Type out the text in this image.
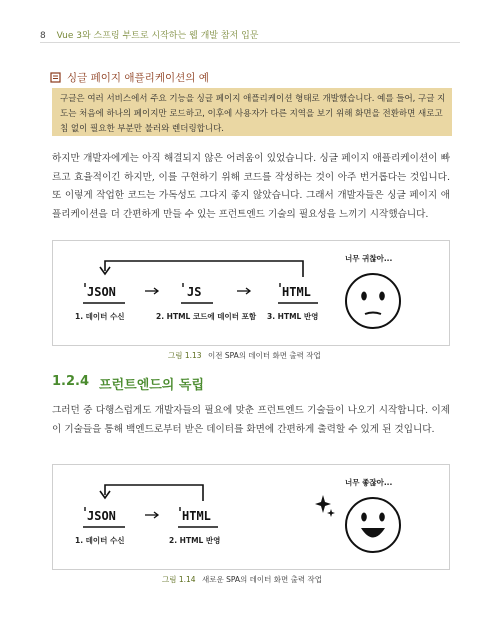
8 Vue 3와 스프링 부트로 시작하는 웹 개발 참저 입문
싱글 페이지 애플리케이션의 예
구글은 여러 서비스에서 주요 기능을 싱글 페이지 애플리케이션 형태로 개발했습니다. 예를 들어, 구글 지도는 처음에 하나의 페이지만 로드하고, 이후에 사용자가 다른 지역을 보기 위해 화면을 전환하면 새로고침 없이 필요한 부분만 불러와 렌더링합니다.
하지만 개발자에게는 아직 해결되지 않은 어려움이 있었습니다. 싱글 페이지 애플리케이션이 빠르고 효율적이긴 하지만, 이를 구현하기 위해 코드를 작성하는 것이 아주 번거롭다는 것입니다. 또 이렇게 작업한 코드는 가독성도 그다지 좋지 않았습니다. 그래서 개발자들은 싱글 페이지 애플리케이션을 더 간편하게 만들 수 있는 프런트엔드 기술의 필요성을 느끼기 시작했습니다.
JSON	JS	HTML
1. 데이터 수신	2. HTML 코드에 데이터 포함 3. HTML 반영
너무 귀찮아...
그림 1.13 이전 SPA의 데이터 화면 출력 작업
1.2.4 프런트엔드의 독립
그러던 중 다행스럽게도 개발자들의 필요에 맞춘 프런트엔드 기술들이 나오기 시작합니다. 이제 이 기술들을 통해 백엔드로부터 받은 데이터를 화면에 간편하게 출력할 수 있게 된 것입니다.
JSON	HTML
1. 데이터 수신	2. HTML 반영
너무 좋잖아...
그림 1.14 새로운 SPA의 데이터 화면 출력 작업
